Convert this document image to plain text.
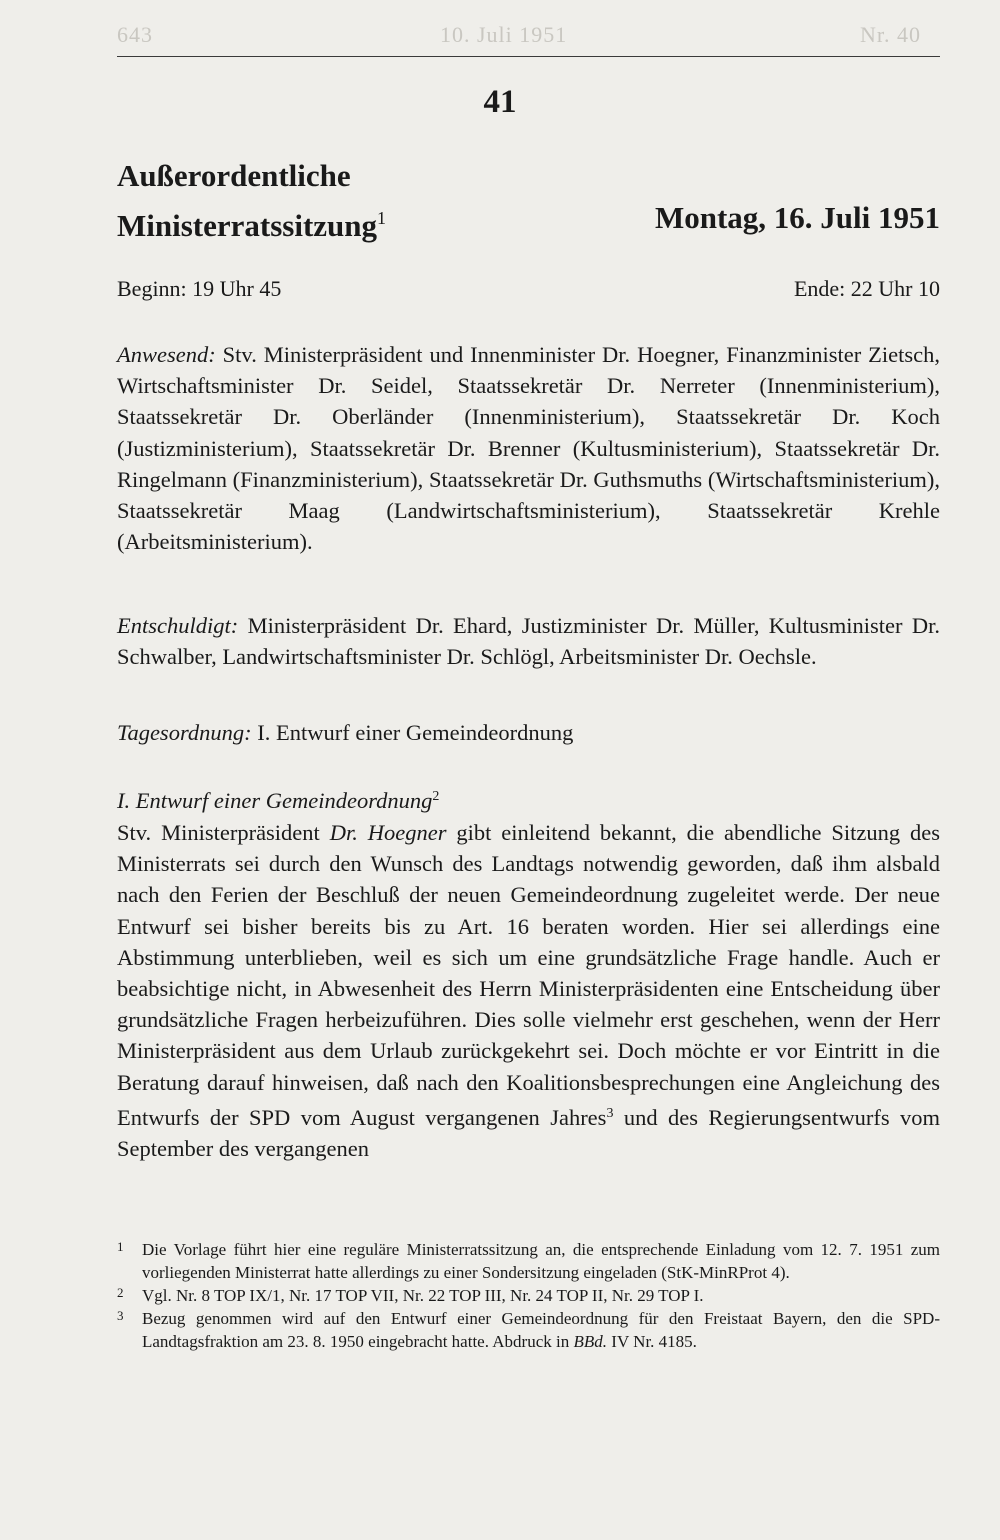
643	10. Juli 1951	Nr. 40
41
Außerordentliche
Ministerratssitzung$^1$	Montag, 16. Juli 1951
Beginn: 19 Uhr 45	Ende: 22 Uhr 10

Anwesend: Stv. Ministerpräsident und Innenminister Dr. Hoegner, Finanzminister Zietsch, Wirtschaftsminister Dr. Seidel, Staatssekretär Dr. Nerreter (Innenministerium), Staatssekretär Dr. Oberländer (Innenministerium), Staatssekretär Dr. Koch (Justizministerium), Staatssekretär Dr. Brenner (Kultusministerium), Staatssekretär Dr. Ringelmann (Finanzministerium), Staatssekretär Dr. Guthsmuths (Wirtschaftsministerium), Staatssekretär Maag (Landwirtschaftsministerium), Staatssekretär Krehle (Arbeitsministerium).

Entschuldigt: Ministerpräsident Dr. Ehard, Justizminister Dr. Müller, Kultusminister Dr. Schwalber, Landwirtschaftsminister Dr. Schlögl, Arbeitsminister Dr. Oechsle.

Tagesordnung: I. Entwurf einer Gemeindeordnung

I. Entwurf einer Gemeindeordnung$^2$

Stv. Ministerpräsident Dr. Hoegner gibt einleitend bekannt, die abendliche Sitzung des Ministerrats sei durch den Wunsch des Landtags notwendig geworden, daß ihm alsbald nach den Ferien der Beschluß der neuen Gemeindeordnung zugeleitet werde. Der neue Entwurf sei bisher bereits bis zu Art. 16 beraten worden. Hier sei allerdings eine Abstimmung unterblieben, weil es sich um eine grundsätzliche Frage handle. Auch er beabsichtige nicht, in Abwesenheit des Herrn Ministerpräsidenten eine Entscheidung über grundsätzliche Fragen herbeizuführen. Dies solle vielmehr erst geschehen, wenn der Herr Ministerpräsident aus dem Urlaub zurückgekehrt sei. Doch möchte er vor Eintritt in die Beratung darauf hinweisen, daß nach den Koalitionsbesprechungen eine Angleichung des Entwurfs der SPD vom August vergangenen Jahres$^3$ und des Regierungsentwurfs vom September des vergangenen

1 Die Vorlage führt hier eine reguläre Ministerratssitzung an, die entsprechende Einladung vom 12. 7. 1951 zum vorliegenden Ministerrat hatte allerdings zu einer Sondersitzung eingeladen (StK-MinRProt 4).

2 Vgl. Nr. 8 TOP IX/1, Nr. 17 TOP VII, Nr. 22 TOP III, Nr. 24 TOP II, Nr. 29 TOP I.

3 Bezug genommen wird auf den Entwurf einer Gemeindeordnung für den Freistaat Bayern, den die SPD-Landtagsfraktion am 23. 8. 1950 eingebracht hatte. Abdruck in BBd. IV Nr. 4185.
